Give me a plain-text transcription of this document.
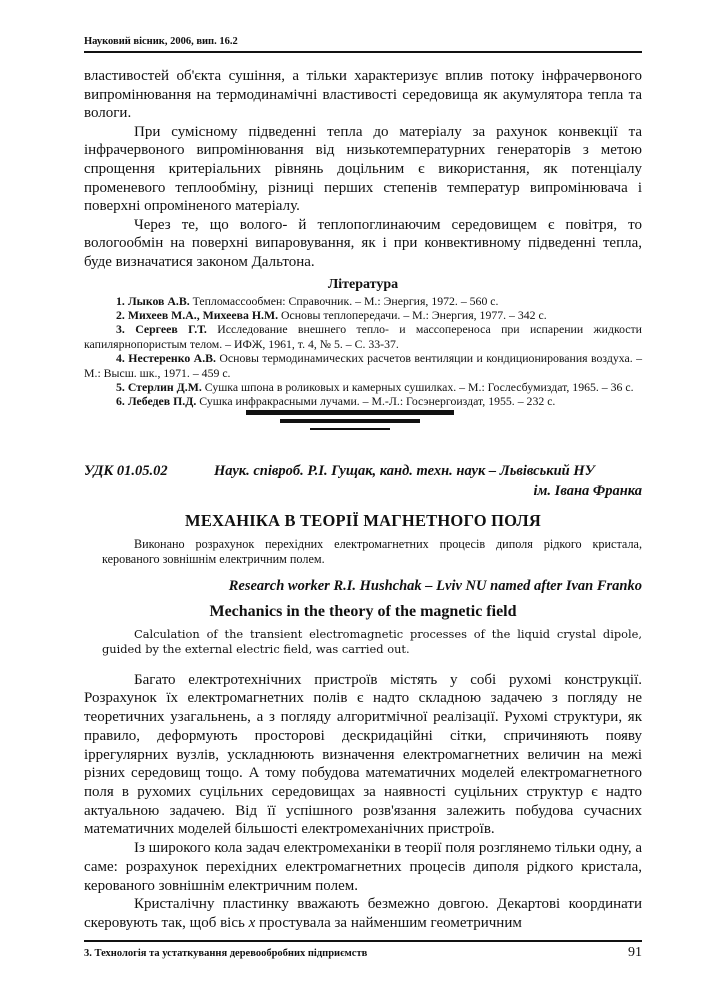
Науковий вісник, 2006, вип. 16.2

властивостей об'єкта сушіння, а тільки характеризує вплив потоку інфрачервоного випромінювання на термодинамічні властивості середовища як акумулятора тепла та вологи.

При сумісному підведенні тепла до матеріалу за рахунок конвекції та інфрачервоного випромінювання від низькотемпературних генераторів з метою спрощення критеріальних рівнянь доцільним є використання, як потенціалу променевого теплообміну, різниці перших степенів температур випромінювача і поверхні опроміненого матеріалу.

Через те, що волого- й теплопоглинаючим середовищем є повітря, то вологообмін на поверхні випаровування, як і при конвективному підведенні тепла, буде визначатися законом Дальтона.

Література

1. Лыков А.В. Тепломассообмен: Справочник. – М.: Энергия, 1972. – 560 с.

2. Михеев М.А., Михеева Н.М. Основы теплопередачи. – М.: Энергия, 1977. – 342 с.

3. Сергеев Г.Т. Исследование внешнего тепло- и массопереноса при испарении жидкости капилярнопористым телом. – ИФЖ, 1961, т. 4, № 5. – С. 33-37.

4. Нестеренко А.В. Основы термодинамических расчетов вентиляции и кондиционирования воздуха. – М.: Высш. шк., 1971. – 459 с.

5. Стерлин Д.М. Сушка шпона в роликовых и камерных сушилках. – М.: Гослесбумиздат, 1965. – 36 с.

6. Лебедев П.Д. Сушка инфракрасными лучами. – М.-Л.: Госэнергоиздат, 1955. – 232 с.

УДК 01.05.02	Наук. співроб. Р.І. Гущак, канд. техн. наук – Львівський НУ
ім. Івана Франка
МЕХАНІКА В ТЕОРІЇ МАГНЕТНОГО ПОЛЯ

Виконано розрахунок перехідних електромагнетних процесів диполя рідкого кристала, керованого зовнішнім електричним полем.

Research worker R.I. Hushchak – Lviv NU named after Ivan Franko
Mechanics in the theory of the magnetic field

Calculation of the transient electromagnetic processes of the liquid crystal dipole, guided by the external electric field, was carried out.

Багато електротехнічних пристроїв містять у собі рухомі конструкції. Розрахунок їх електромагнетних полів є надто складною задачею з погляду не теоретичних узагальнень, а з погляду алгоритмічної реалізації. Рухомі структури, як правило, деформують просторові дескридаційні сітки, спричиняють появу іррегулярних вузлів, ускладнюють визначення електромагнетних величин на межі різних середовищ тощо. А тому побудова математичних моделей електромагнетного поля в рухомих суцільних середовищах за наявності суцільних структур є надто актуальною задачею. Від її успішного розв'язання залежить побудова сучасних математичних моделей більшості електромеханічних пристроїв.

Із широкого кола задач електромеханіки в теорії поля розглянемо тільки одну, а саме: розрахунок перехідних електромагнетних процесів диполя рідкого кристала, керованого зовнішнім електричним полем.

Кристалічну пластинку вважають безмежно довгою. Декартові координати скеровують так, щоб вісь x простувала за найменшим геометричним

3. Технологія та устаткування деревообробних підприємств	91
